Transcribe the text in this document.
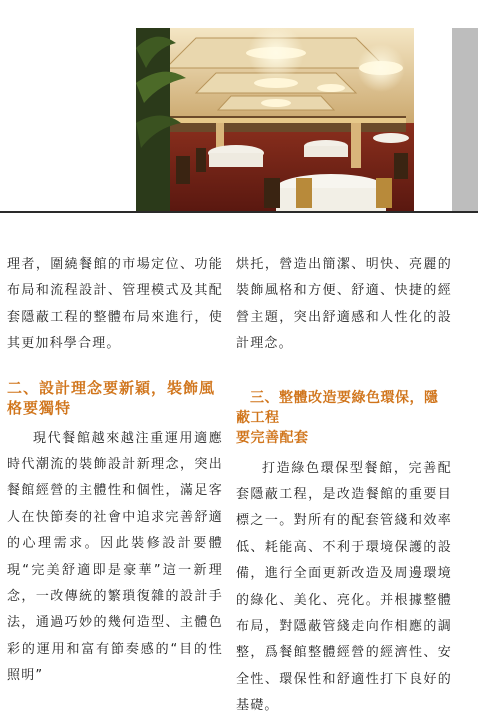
理者，圍繞餐館的市場定位、功能布局和流程設計、管理模式及其配套隱蔽工程的整體布局來進行，使其更加科學合理。

二、設計理念要新穎，裝飾風
格要獨特

現代餐館越來越注重運用適應時代潮流的裝飾設計新理念，突出餐館經營的主體性和個性，滿足客人在快節奏的社會中追求完善舒適的心理需求。因此裝修設計要體現“完美舒適即是豪華”這一新理念，一改傳統的繁瑣復雜的設計手法，通過巧妙的幾何造型、主體色彩的運用和富有節奏感的“目的性照明”

烘托，營造出簡潔、明快、亮麗的裝飾風格和方便、舒適、快捷的經營主題，突出舒適感和人性化的設計理念。

三、整體改造要綠色環保，隱蔽工程
要完善配套

打造綠色環保型餐館，完善配套隱蔽工程，是改造餐館的重要目標之一。對所有的配套管綫和效率低、耗能高、不利于環境保護的設備，進行全面更新改造及周邊環境的綠化、美化、亮化。并根據整體布局，對隱蔽管綫走向作相應的調整，爲餐館整體經營的經濟性、安全性、環保性和舒適性打下良好的基礎。
